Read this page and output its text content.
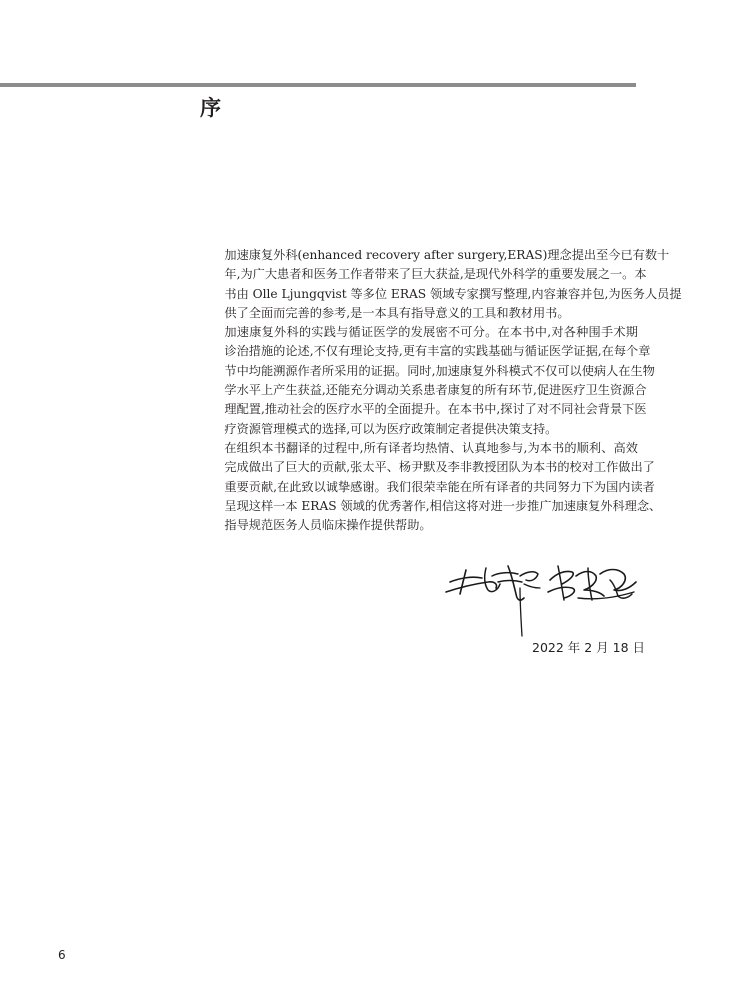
序
加速康复外科(enhanced recovery after surgery,ERAS)理念提出至今已有数十
年,为广大患者和医务工作者带来了巨大获益,是现代外科学的重要发展之一。本
书由 Olle Ljungqvist 等多位 ERAS 领域专家撰写整理,内容兼容并包,为医务人员提
供了全面而完善的参考,是一本具有指导意义的工具和教材用书。
加速康复外科的实践与循证医学的发展密不可分。在本书中,对各种围手术期
诊治措施的论述,不仅有理论支持,更有丰富的实践基础与循证医学证据,在每个章
节中均能溯源作者所采用的证据。同时,加速康复外科模式不仅可以使病人在生物
学水平上产生获益,还能充分调动关系患者康复的所有环节,促进医疗卫生资源合
理配置,推动社会的医疗水平的全面提升。在本书中,探讨了对不同社会背景下医
疗资源管理模式的选择,可以为医疗政策制定者提供决策支持。
在组织本书翻译的过程中,所有译者均热情、认真地参与,为本书的顺利、高效
完成做出了巨大的贡献,张太平、杨尹默及李非教授团队为本书的校对工作做出了
重要贡献,在此致以诚挚感谢。我们很荣幸能在所有译者的共同努力下为国内读者
呈现这样一本 ERAS 领域的优秀著作,相信这将对进一步推广加速康复外科理念、
指导规范医务人员临床操作提供帮助。
2022 年 2 月 18 日
6
